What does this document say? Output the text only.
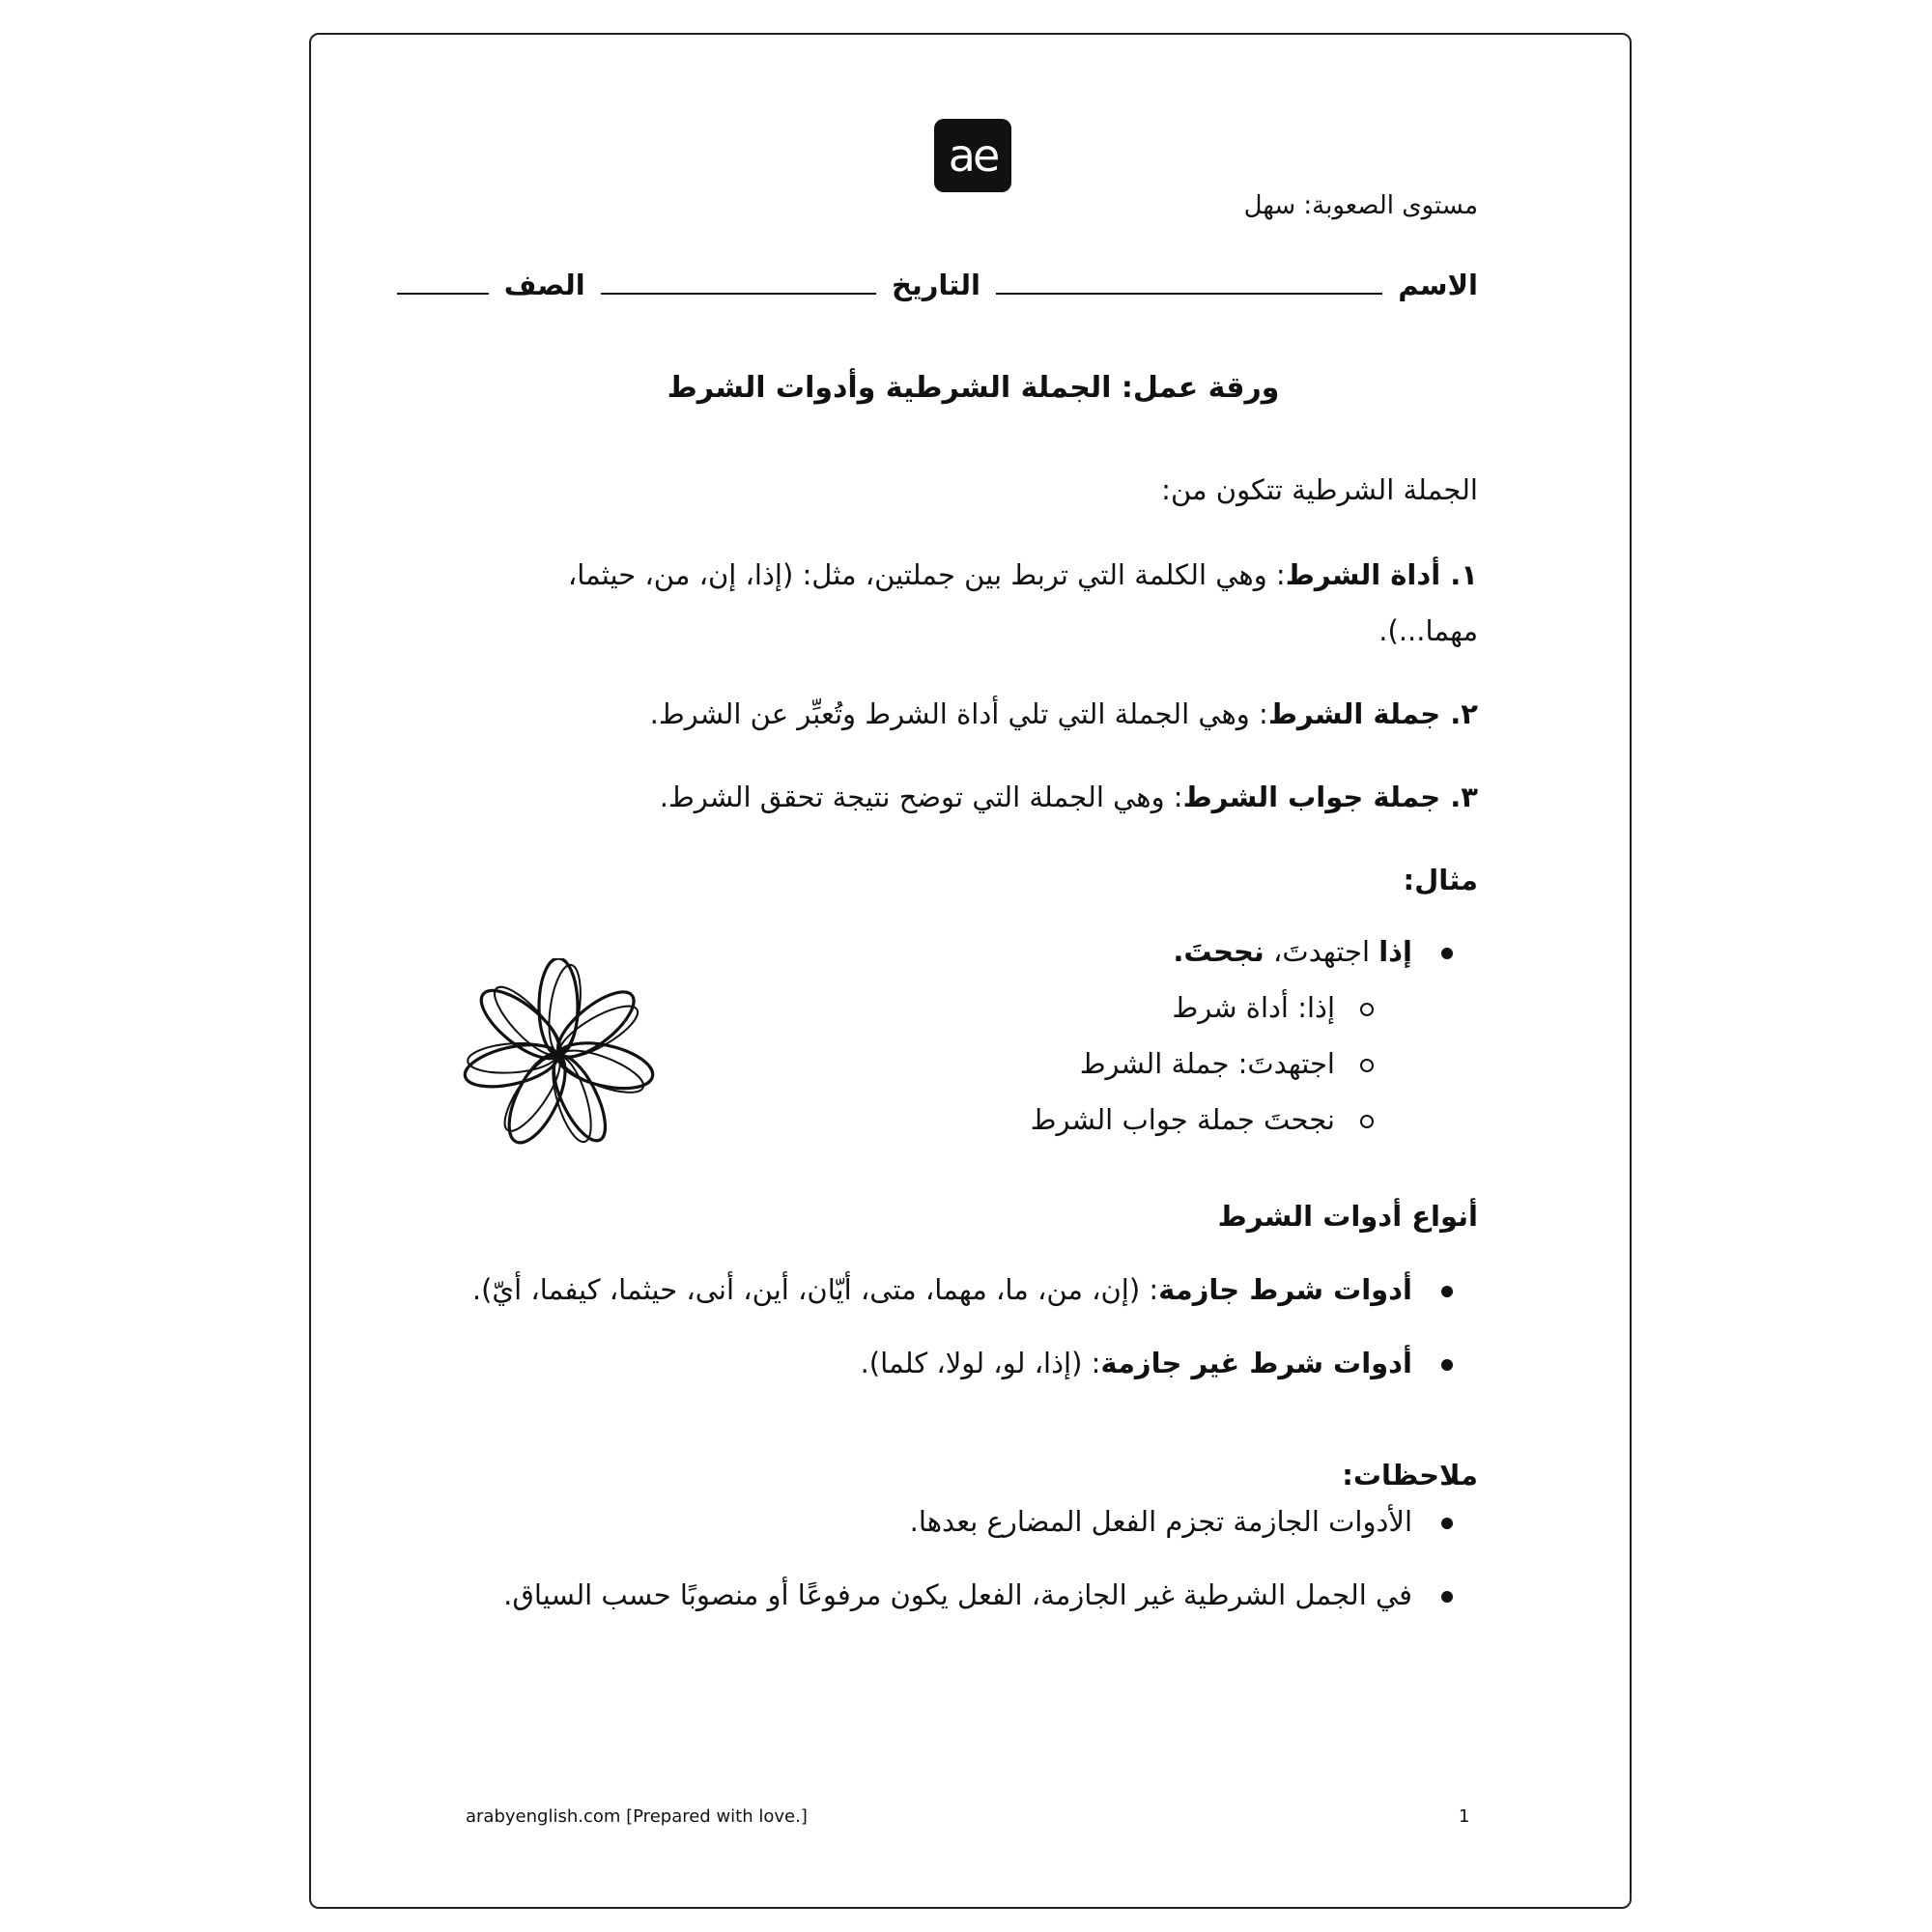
ae
مستوى الصعوبة: سهل
الاسم  التاريخ  الصف
ورقة عمل: الجملة الشرطية وأدوات الشرط
الجملة الشرطية تتكون من:
١. أداة الشرط: وهي الكلمة التي تربط بين جملتين، مثل: (إذا، إن، من، حيثما، مهما...).
٢. جملة الشرط: وهي الجملة التي تلي أداة الشرط وتُعبِّر عن الشرط.
٣. جملة جواب الشرط: وهي الجملة التي توضح نتيجة تحقق الشرط.
مثال:
إذا اجتهدتَ، نجحتَ.
إذا: أداة شرط
اجتهدتَ: جملة الشرط
نجحتَ جملة جواب الشرط
أنواع أدوات الشرط
أدوات شرط جازمة: (إن، من، ما، مهما، متى، أيّان، أين، أنى، حيثما، كيفما، أيّ).
أدوات شرط غير جازمة: (إذا، لو، لولا، كلما).
ملاحظات:
الأدوات الجازمة تجزم الفعل المضارع بعدها.
في الجمل الشرطية غير الجازمة، الفعل يكون مرفوعًا أو منصوبًا حسب السياق.
arabyenglish.com [Prepared with love.]	1
